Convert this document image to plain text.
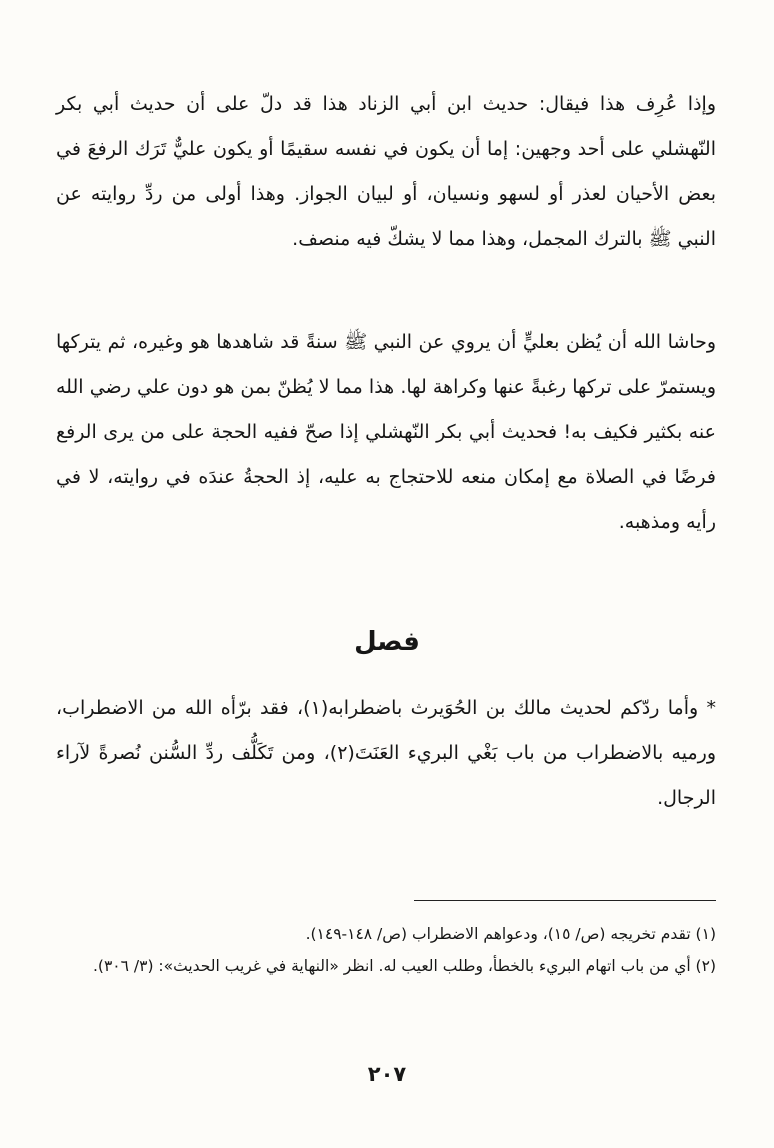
وإذا عُرِف هذا فيقال: حديث ابن أبي الزناد هذا قد دلّ على أن حديث أبي بكر النّهشلي على أحد وجهين: إما أن يكون في نفسه سقيمًا أو يكون عليٌّ تَرَك الرفعَ في بعض الأحيان لعذر أو لسهو ونسيان، أو لبيان الجواز. وهذا أولى من ردِّ روايته عن النبي ﷺ بالترك المجمل، وهذا مما لا يشكّ فيه منصف.

وحاشا الله أن يُظن بعليٍّ أن يروي عن النبي ﷺ سنةً قد شاهدها هو وغيره، ثم يتركها ويستمرّ على تركها رغبةً عنها وكراهة لها. هذا مما لا يُظنّ بمن هو دون علي رضي الله عنه بكثير فكيف به! فحديث أبي بكر النّهشلي إذا صحّ ففيه الحجة على من يرى الرفع فرضًا في الصلاة مع إمكان منعه للاحتجاج به عليه، إذ الحجةُ عندَه في روايته، لا في رأيه ومذهبه.

فصل

* وأما ردّكم لحديث مالك بن الحُوَيرث باضطرابه(١)، فقد برّأه الله من الاضطراب، ورميه بالاضطراب من باب بَغْي البريء العَنَتَ(٢)، ومن تَكَلُّف ردِّ السُّنن نُصرةً لآراء الرجال.

(١) تقدم تخريجه (ص/ ١٥)، ودعواهم الاضطراب (ص/ ١٤٨-١٤٩).

(٢) أي من باب اتهام البريء بالخطأ، وطلب العيب له. انظر «النهاية في غريب الحديث»: (٣/ ٣٠٦).

٢٠٧
